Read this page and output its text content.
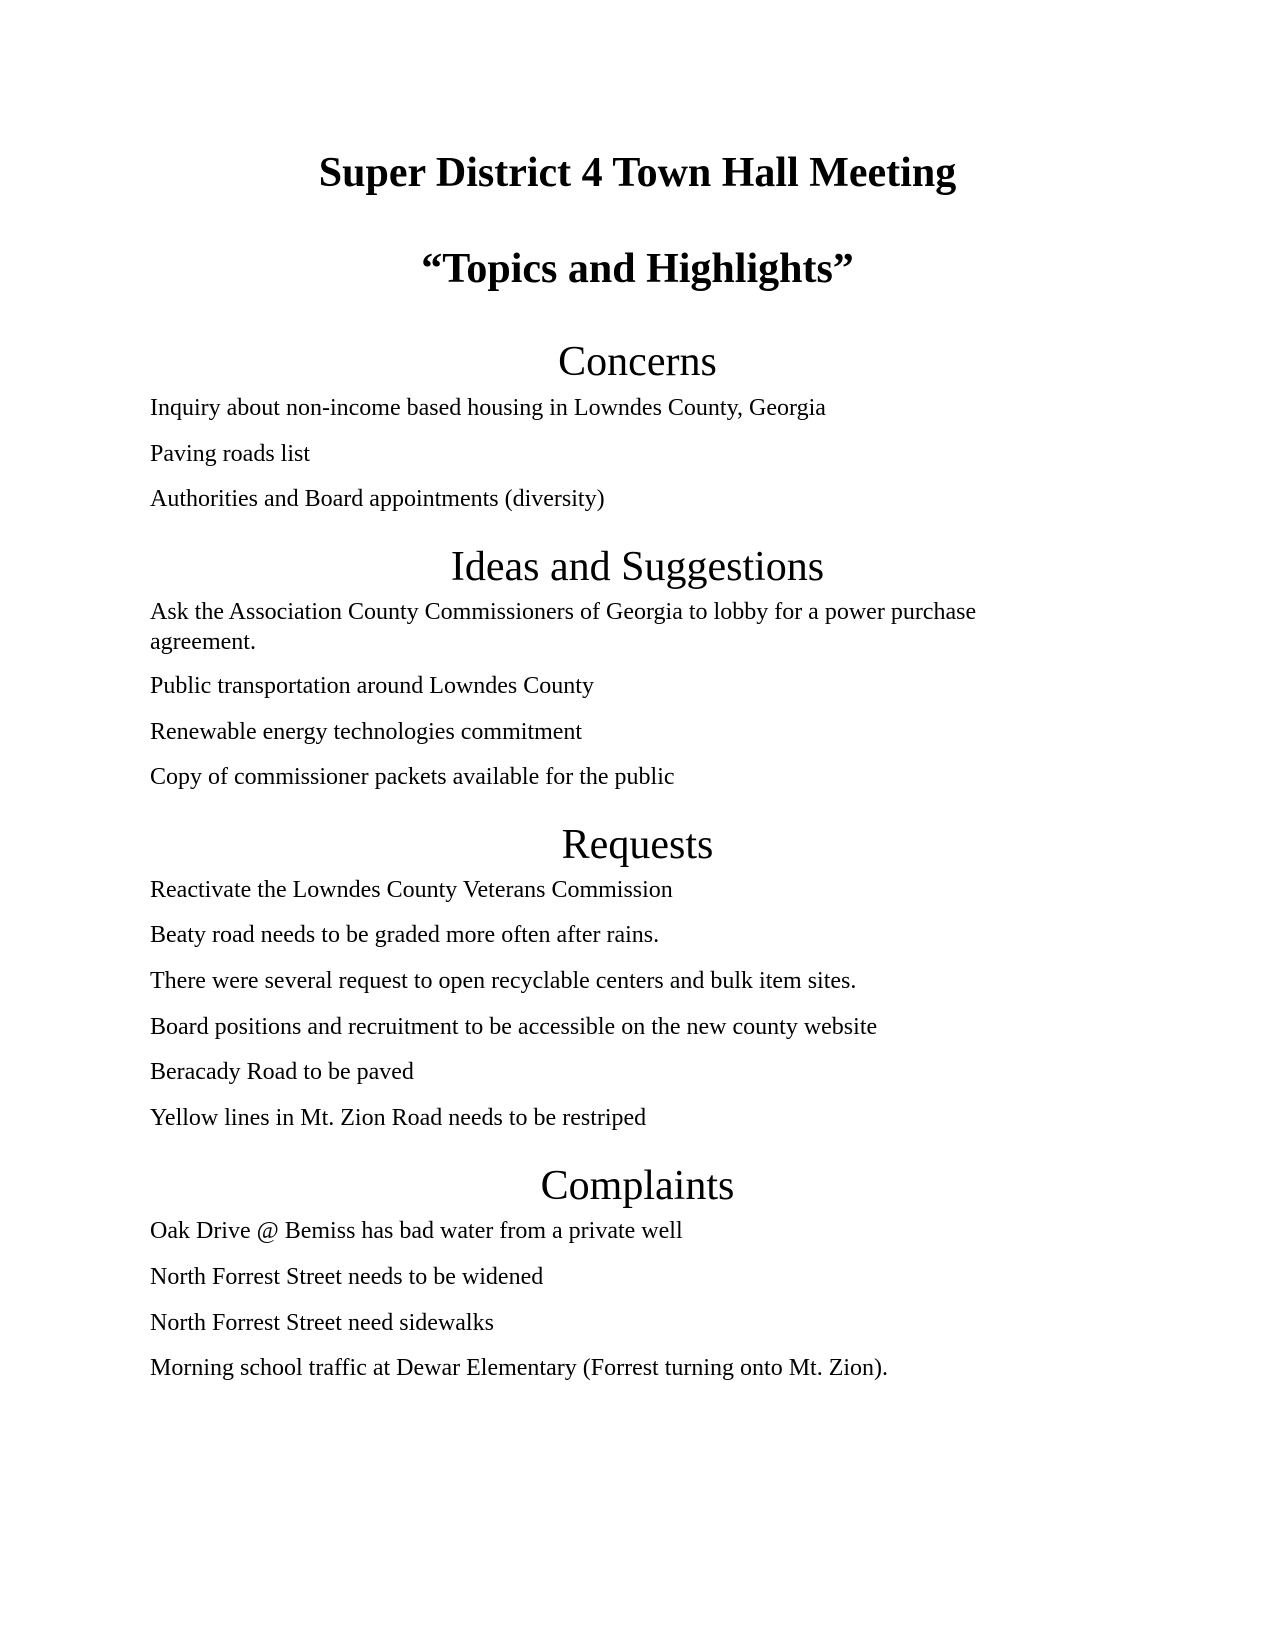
Super District 4 Town Hall Meeting
“Topics and Highlights”
Concerns

Inquiry about non-income based housing in Lowndes County, Georgia

Paving roads list

Authorities and Board appointments (diversity)

Ideas and Suggestions

Ask the Association County Commissioners of Georgia to lobby for a power purchase agreement.

Public transportation around Lowndes County

Renewable energy technologies commitment

Copy of commissioner packets available for the public

Requests

Reactivate the Lowndes County Veterans Commission

Beaty road needs to be graded more often after rains.

There were several request to open recyclable centers and bulk item sites.

Board positions and recruitment to be accessible on the new county website

Beracady Road to be paved

Yellow lines in Mt. Zion Road needs to be restriped

Complaints

Oak Drive @ Bemiss has bad water from a private well

North Forrest Street needs to be widened

North Forrest Street need sidewalks

Morning school traffic at Dewar Elementary (Forrest turning onto Mt. Zion).
